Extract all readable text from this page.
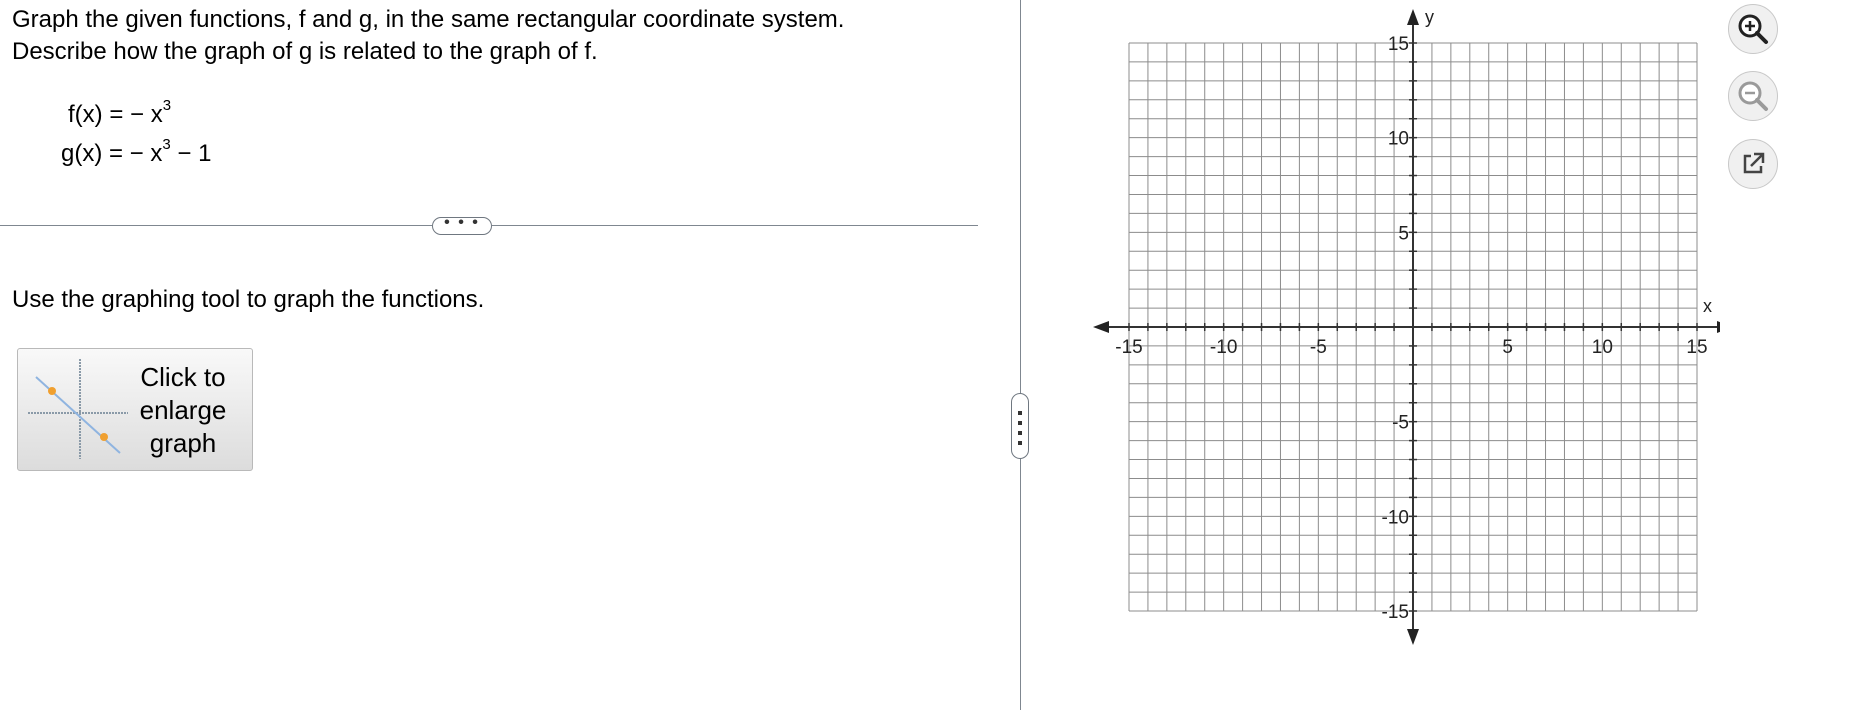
Graph the given functions, f and g, in the same rectangular coordinate system.
Describe how the graph of g is related to the graph of f.
f(x) = − $x^3$
g(x) = − $x^3 - 1$
• • •
Use the graphing tool to graph the functions.
Click to
enlarge
graph
-15	-10	-5	5	10	15
15
10
5
-5
-10
-15
x
y
